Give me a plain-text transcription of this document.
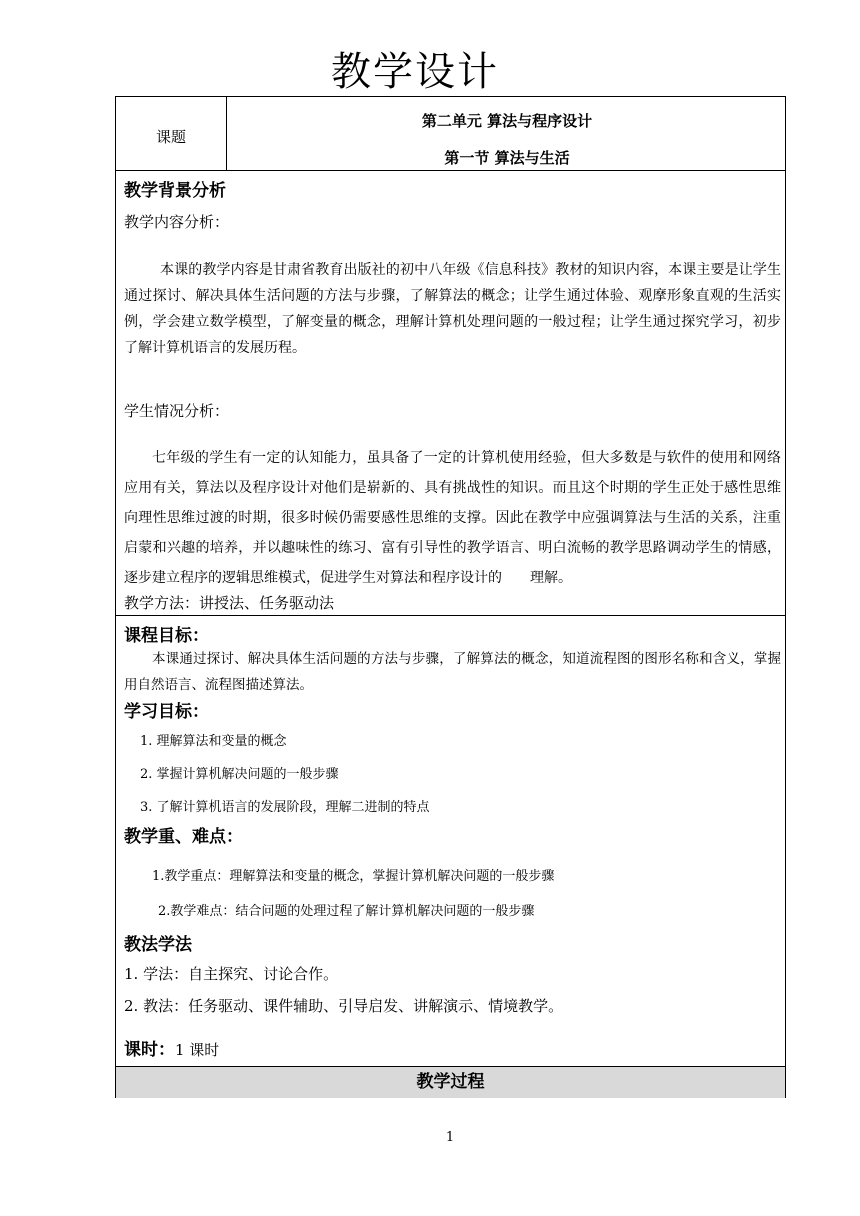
教学设计
课题
第二单元 算法与程序设计
第一节 算法与生活
教学背景分析
教学内容分析：

本课的教学内容是甘肃省教育出版社的初中八年级《信息科技》教材的知识内容，本课主要是让学生通过探讨、解决具体生活问题的方法与步骤，了解算法的概念；让学生通过体验、观摩形象直观的生活实例，学会建立数学模型，了解变量的概念，理解计算机处理问题的一般过程；让学生通过探究学习，初步了解计算机语言的发展历程。

学生情况分析：

七年级的学生有一定的认知能力，虽具备了一定的计算机使用经验，但大多数是与软件的使用和网络应用有关，算法以及程序设计对他们是崭新的、具有挑战性的知识。而且这个时期的学生正处于感性思维向理性思维过渡的时期，很多时候仍需要感性思维的支撑。因此在教学中应强调算法与生活的关系，注重启蒙和兴趣的培养，并以趣味性的练习、富有引导性的教学语言、明白流畅的教学思路调动学生的情感，逐步建立程序的逻辑思维模式，促进学生对算法和程序设计的　　理解。

教学方法：讲授法、任务驱动法
课程目标：

本课通过探讨、解决具体生活问题的方法与步骤，了解算法的概念，知道流程图的图形名称和含义，掌握用自然语言、流程图描述算法。

学习目标：
1. 理解算法和变量的概念
2. 掌握计算机解决问题的一般步骤
3. 了解计算机语言的发展阶段，理解二进制的特点
教学重、难点：
1.教学重点：理解算法和变量的概念，掌握计算机解决问题的一般步骤
2.教学难点：结合问题的处理过程了解计算机解决问题的一般步骤
教法学法
1. 学法：自主探究、讨论合作。
2. 教法：任务驱动、课件辅助、引导启发、讲解演示、情境教学。
课时：1 课时
教学过程
1
